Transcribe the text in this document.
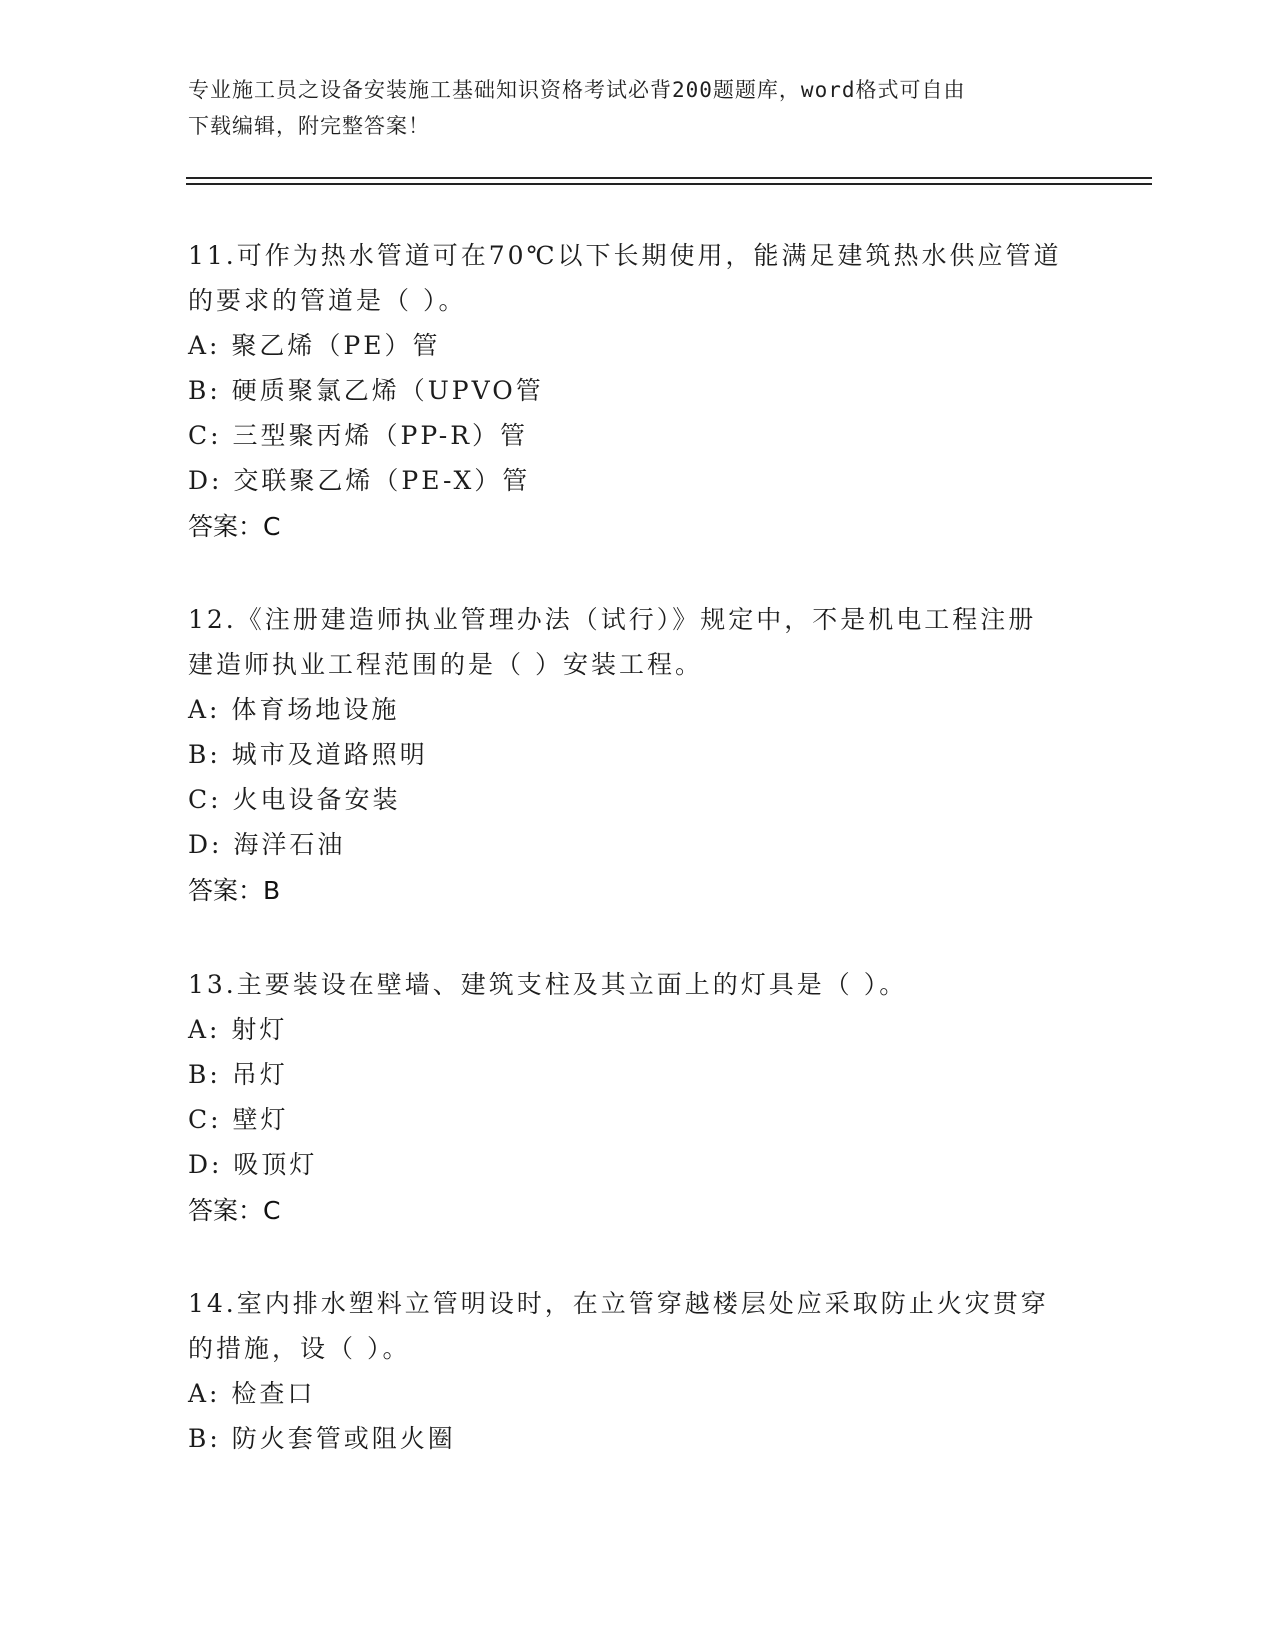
专业施工员之设备安装施工基础知识资格考试必背200题题库，word格式可自由
下载编辑，附完整答案！

11.可作为热水管道可在70℃以下长期使用，能满足建筑热水供应管道

的要求的管道是（ ）。

A: 聚乙烯（PE）管

B: 硬质聚氯乙烯（UPVO管

C: 三型聚丙烯（PP-R）管

D: 交联聚乙烯（PE-X）管

答案：C

12.《注册建造师执业管理办法（试行）》规定中，不是机电工程注册

建造师执业工程范围的是（ ）安装工程。

A: 体育场地设施

B: 城市及道路照明

C: 火电设备安装

D: 海洋石油

答案：B

13.主要装设在壁墙、建筑支柱及其立面上的灯具是（ ）。

A: 射灯

B: 吊灯

C: 壁灯

D: 吸顶灯

答案：C

14.室内排水塑料立管明设时，在立管穿越楼层处应采取防止火灾贯穿

的措施，设（ ）。

A: 检查口

B: 防火套管或阻火圈
